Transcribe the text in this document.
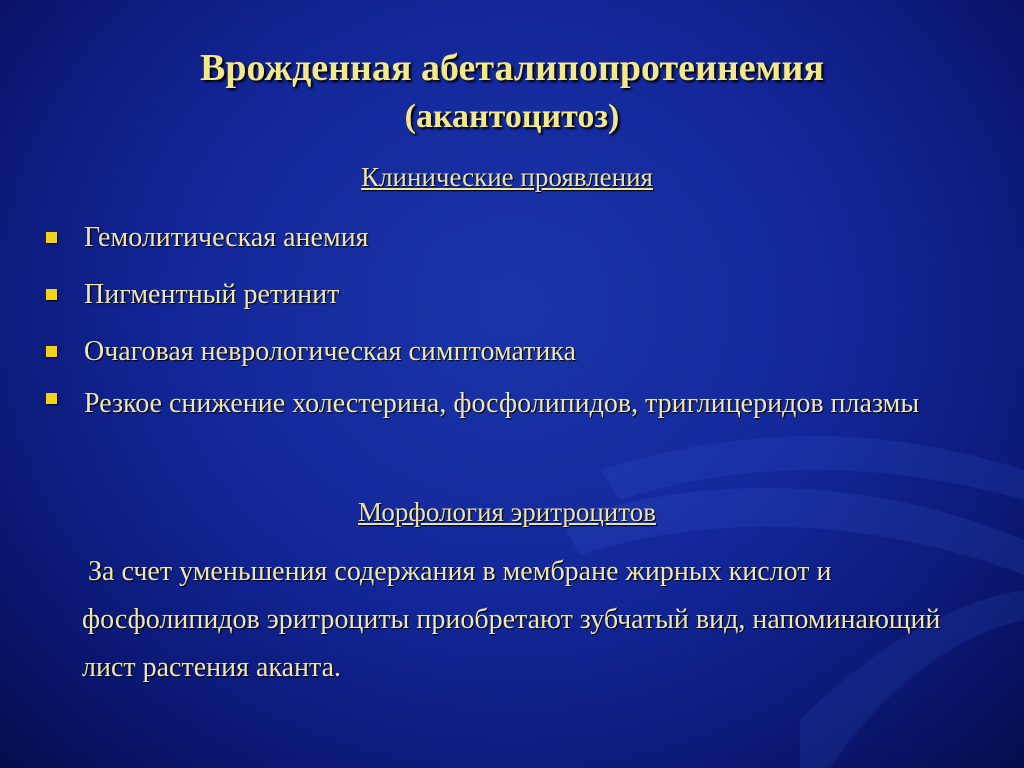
Врожденная абеталипопротеинемия
(акантоцитоз)
Клинические проявления
Гемолитическая анемия
Пигментный ретинит
Очаговая неврологическая симптоматика
Резкое снижение холестерина, фосфолипидов, триглицеридов плазмы
Морфология эритроцитов

За счет уменьшения содержания в мембране жирных кислот и фосфолипидов эритроциты приобретают зубчатый вид, напоминающий лист растения аканта.
